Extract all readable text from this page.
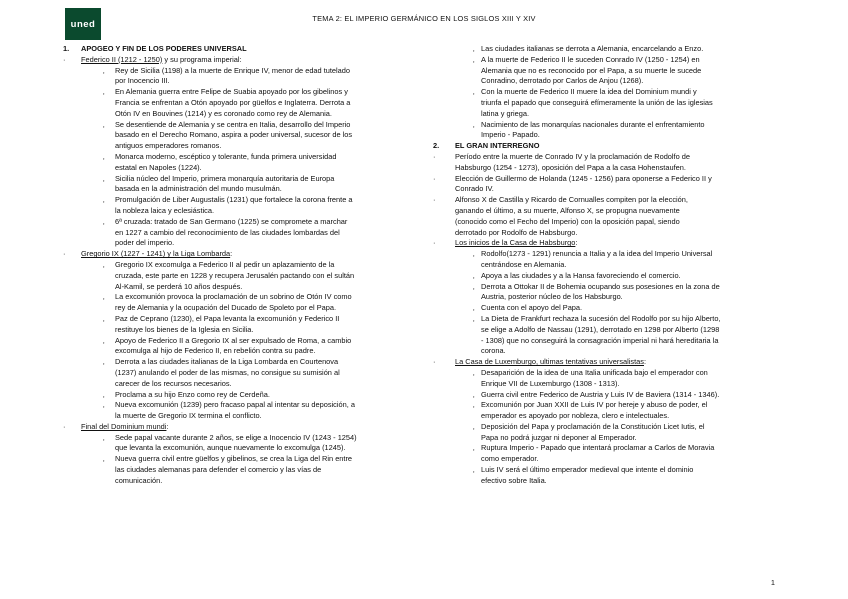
uned	TEMA 2: EL IMPERIO GERMÁNICO EN LOS SIGLOS XIII Y XIV
1. APOGEO Y FIN DE LOS PODERES UNIVERSAL
· Federico II (1212 - 1250) y su programa imperial:
‚ Rey de Sicilia (1198) a la muerte de Enrique IV, menor de edad tutelado
por Inocencio III.
‚ En Alemania guerra entre Felipe de Suabia apoyado por los gibelinos y
Francia se enfrentan a Otón apoyado por güelfos e Inglaterra. Derrota a
Otón IV en Bouvines (1214) y es coronado como rey de Alemania.
‚ Se desentiende de Alemania y se centra en Italia, desarrollo del Imperio
basado en el Derecho Romano, aspira a poder universal, sucesor de los
antiguos emperadores romanos.
‚ Monarca moderno, escéptico y tolerante, funda primera universidad
estatal en Napoles (1224).
‚ Sicilia núcleo del Imperio, primera monarquía autoritaria de Europa
basada en la administración del mundo musulmán.
‚ Promulgación de Liber Augustalis (1231) que fortalece la corona frente a
la nobleza laica y eclesiástica.
‚ 6ª cruzada: tratado de San Germano (1225) se compromete a marchar
en 1227 a cambio del reconocimiento de las ciudades lombardas del
poder del imperio.
· Gregorio IX (1227 - 1241) y la Liga Lombarda:
‚ Gregorio IX excomulga a Federico II al pedir un aplazamiento de la
cruzada, este parte en 1228 y recupera Jerusalén pactando con el sultán
Al-Kamil, se perderá 10 años después.
‚ La excomunión provoca la proclamación de un sobrino de Otón IV como
rey de Alemania y la ocupación del Ducado de Spoleto por el Papa.
‚ Paz de Ceprano (1230), el Papa levanta la excomunión y Federico II
restituye los bienes de la Iglesia en Sicilia.
‚ Apoyo de Federico II a Gregorio IX al ser expulsado de Roma, a cambio
excomulga al hijo de Federico II, en rebelión contra su padre.
‚ Derrota a las ciudades italianas de la Liga Lombarda en Courtenova
(1237) anulando el poder de las mismas, no consigue su sumisión al
carecer de los recursos necesarios.
‚ Proclama a su hijo Enzo como rey de Cerdeña.
‚ Nueva excomunión (1239) pero fracaso papal al intentar su deposición, a
la muerte de Gregorio IX termina el conflicto.
· Final del Dominium mundi:
‚ Sede papal vacante durante 2 años, se elige a Inocencio IV (1243 - 1254)
que levanta la excomunión, aunque nuevamente lo excomulga (1245).
‚ Nueva guerra civil entre güelfos y gibelinos, se crea la Liga del Rin entre
las ciudades alemanas para defender el comercio y las vías de
comunicación.
‚ Las ciudades italianas se derrota a Alemania, encarcelando a Enzo.
‚ A la muerte de Federico II le suceden Conrado IV (1250 - 1254) en
Alemania que no es reconocido por el Papa, a su muerte le sucede
Conradino, derrotado por Carlos de Anjou (1268).
‚ Con la muerte de Federico II muere la idea del Dominium mundi y
triunfa el papado que conseguirá efímeramente la unión de las iglesias
latina y griega.
‚ Nacimiento de las monarquías nacionales durante el enfrentamiento
Imperio - Papado.
2. EL GRAN INTERREGNO
·	Período entre la muerte de Conrado IV y la proclamación de Rodolfo de
Habsburgo (1254 - 1273), oposición del Papa a la casa Hohenstaufen.
·	Elección de Guillermo de Holanda (1245 - 1256) para oponerse a Federico II y
Conrado IV.
·	Alfonso X de Castilla y Ricardo de Cornualles compiten por la elección,
ganando el último, a su muerte, Alfonso X, se propugna nuevamente
(conocido como el Fecho del Imperio) con la oposición papal, siendo
derrotado por Rodolfo de Habsburgo.
·	Los inicios de la Casa de Habsburgo:
‚ Rodolfo(1273 - 1291) renuncia a Italia y a la idea del Imperio Universal
centrándose en Alemania.
‚ Apoya a las ciudades y a la Hansa favoreciendo el comercio.
‚ Derrota a Ottokar II de Bohemia ocupando sus posesiones en la zona de
Austria, posterior núcleo de los Habsburgo.
‚ Cuenta con el apoyo del Papa.
‚ La Dieta de Frankfurt rechaza la sucesión del Rodolfo por su hijo Alberto,
se elige a Adolfo de Nassau (1291), derrotado en 1298 por Alberto (1298
- 1308) que no conseguirá la consagración imperial ni hará hereditaria la
corona.
·	La Casa de Luxemburgo, ultimas tentativas universalistas:
‚ Desaparición de la idea de una Italia unificada bajo el emperador con
Enrique VII de Luxemburgo (1308 - 1313).
‚ Guerra civil entre Federico de Austria y Luis IV de Baviera (1314 - 1346).
‚ Excomunión por Juan XXII de Luis IV por hereje y abuso de poder, el
emperador es apoyado por nobleza, clero e intelectuales.
‚ Deposición del Papa y proclamación de la Constitución Licet Iutis, el
Papa no podrá juzgar ni deponer al Emperador.
‚ Ruptura Imperio - Papado que intentará proclamar a Carlos de Moravia
como emperador.
‚ Luis IV será el último emperador medieval que intente el dominio
efectivo sobre Italia.
1
